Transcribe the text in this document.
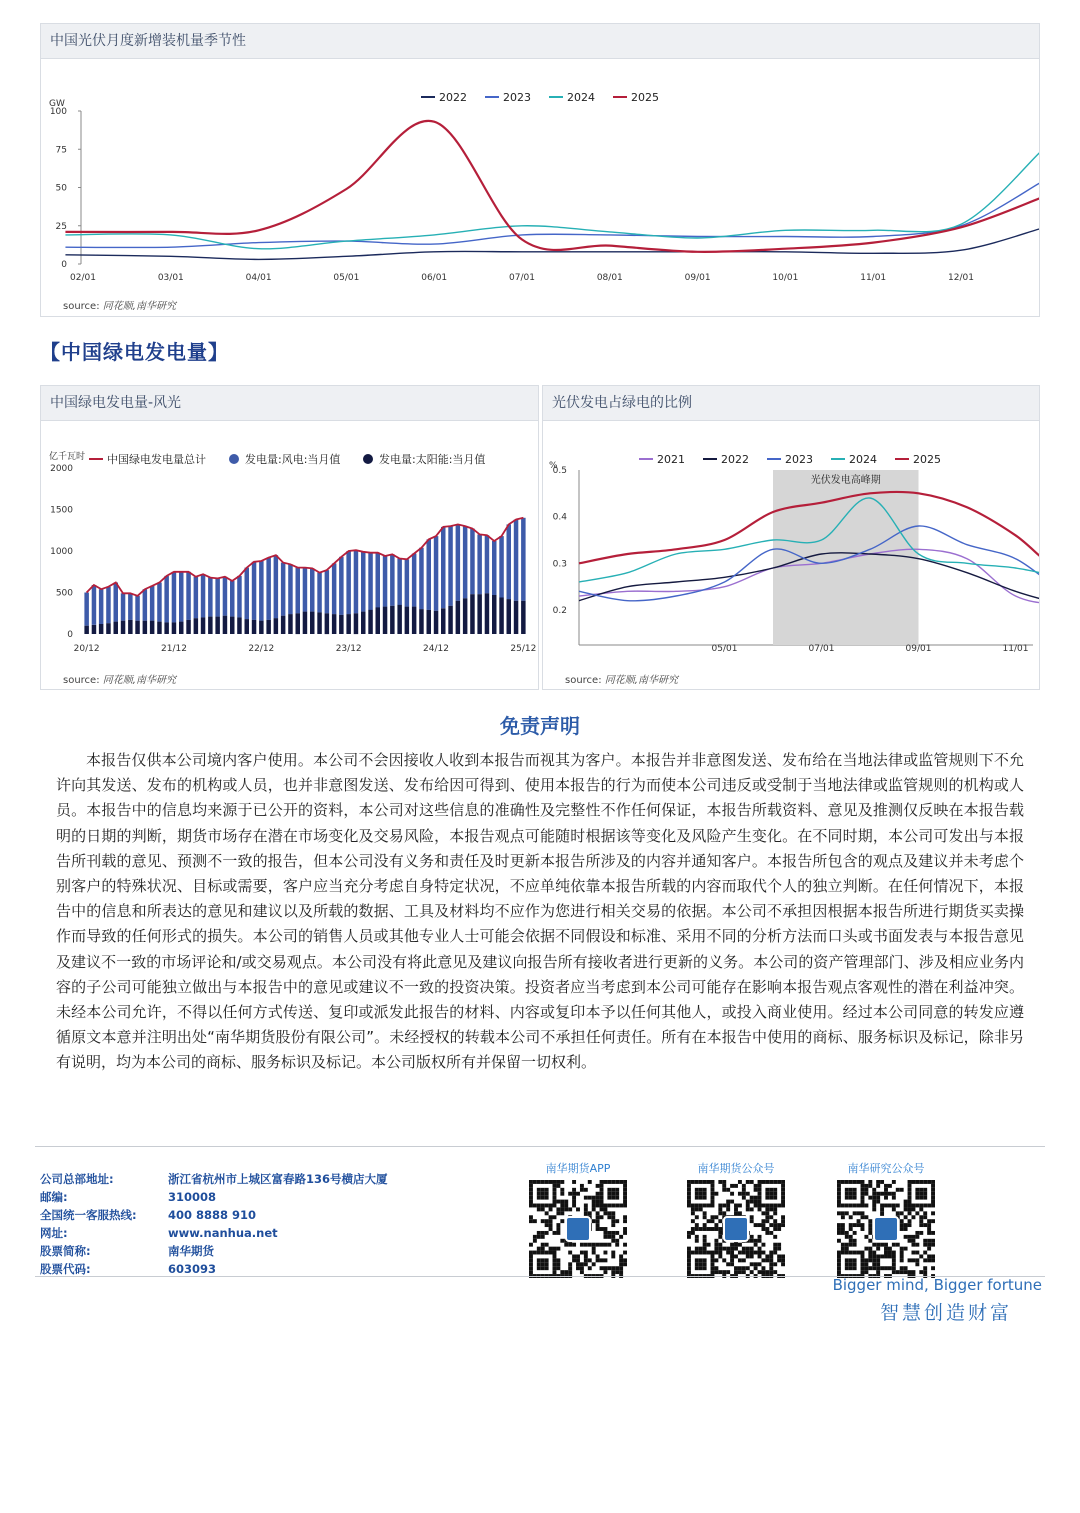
中国光伏月度新增装机量季节性
GW
0
25
50
75
100
02/01	03/01	04/01	05/01	06/01	07/01	08/01	09/01	10/01	11/01	12/01
2022	2023	2024	2025
source: 同花顺,南华研究
【中国绿电发电量】
中国绿电发电量-风光
亿千瓦时
0
500
1000
1500
2000
中国绿电发电量总计	发电量:风电:当月值	发电量:太阳能:当月值
20/12	21/12	22/12	23/12	24/12	25/12
source: 同花顺,南华研究
光伏发电占绿电的比例
%
0.2
0.3
0.4
0.5
光伏发电高峰期
05/01	07/01	09/01	11/01
2021	2022	2023	2024	2025
source: 同花顺,南华研究
免责声明
本报告仅供本公司境内客户使用。本公司不会因接收人收到本报告而视其为客户。本报告并非意图发送、发布给在当地法律或监管规则下不允许向其发送、发布的机构或人员，也并非意图发送、发布给因可得到、使用本报告的行为而使本公司违反或受制于当地法律或监管规则的机构或人员。本报告中的信息均来源于已公开的资料，本公司对这些信息的准确性及完整性不作任何保证，本报告所载资料、意见及推测仅反映在本报告载明的日期的判断，期货市场存在潜在市场变化及交易风险，本报告观点可能随时根据该等变化及风险产生变化。在不同时期，本公司可发出与本报告所刊载的意见、预测不一致的报告，但本公司没有义务和责任及时更新本报告所涉及的内容并通知客户。本报告所包含的观点及建议并未考虑个别客户的特殊状况、目标或需要，客户应当充分考虑自身特定状况，不应单纯依靠本报告所载的内容而取代个人的独立判断。在任何情况下，本报告中的信息和所表达的意见和建议以及所载的数据、工具及材料均不应作为您进行相关交易的依据。本公司不承担因根据本报告所进行期货买卖操作而导致的任何形式的损失。本公司的销售人员或其他专业人士可能会依据不同假设和标准、采用不同的分析方法而口头或书面发表与本报告意见及建议不一致的市场评论和/或交易观点。本公司没有将此意见及建议向报告所有接收者进行更新的义务。本公司的资产管理部门、涉及相应业务内容的子公司可能独立做出与本报告中的意见或建议不一致的投资决策。投资者应当考虑到本公司可能存在影响本报告观点客观性的潜在利益冲突。未经本公司允许，不得以任何方式传送、复印或派发此报告的材料、内容或复印本予以任何其他人，或投入商业使用。经过本公司同意的转发应遵循原文本意并注明出处“南华期货股份有限公司”。未经授权的转载本公司不承担任何责任。所有在本报告中使用的商标、服务标识及标记，除非另有说明，均为本公司的商标、服务标识及标记。本公司版权所有并保留一切权利。
公司总部地址:	浙江省杭州市上城区富春路136号横店大厦
邮编:	310008
全国统一客服热线:	400 8888 910
网址:	www.nanhua.net
股票简称:	南华期货
股票代码:	603093
南华期货APP	南华期货公众号	南华研究公众号
Bigger mind, Bigger fortune
智慧创造财富
